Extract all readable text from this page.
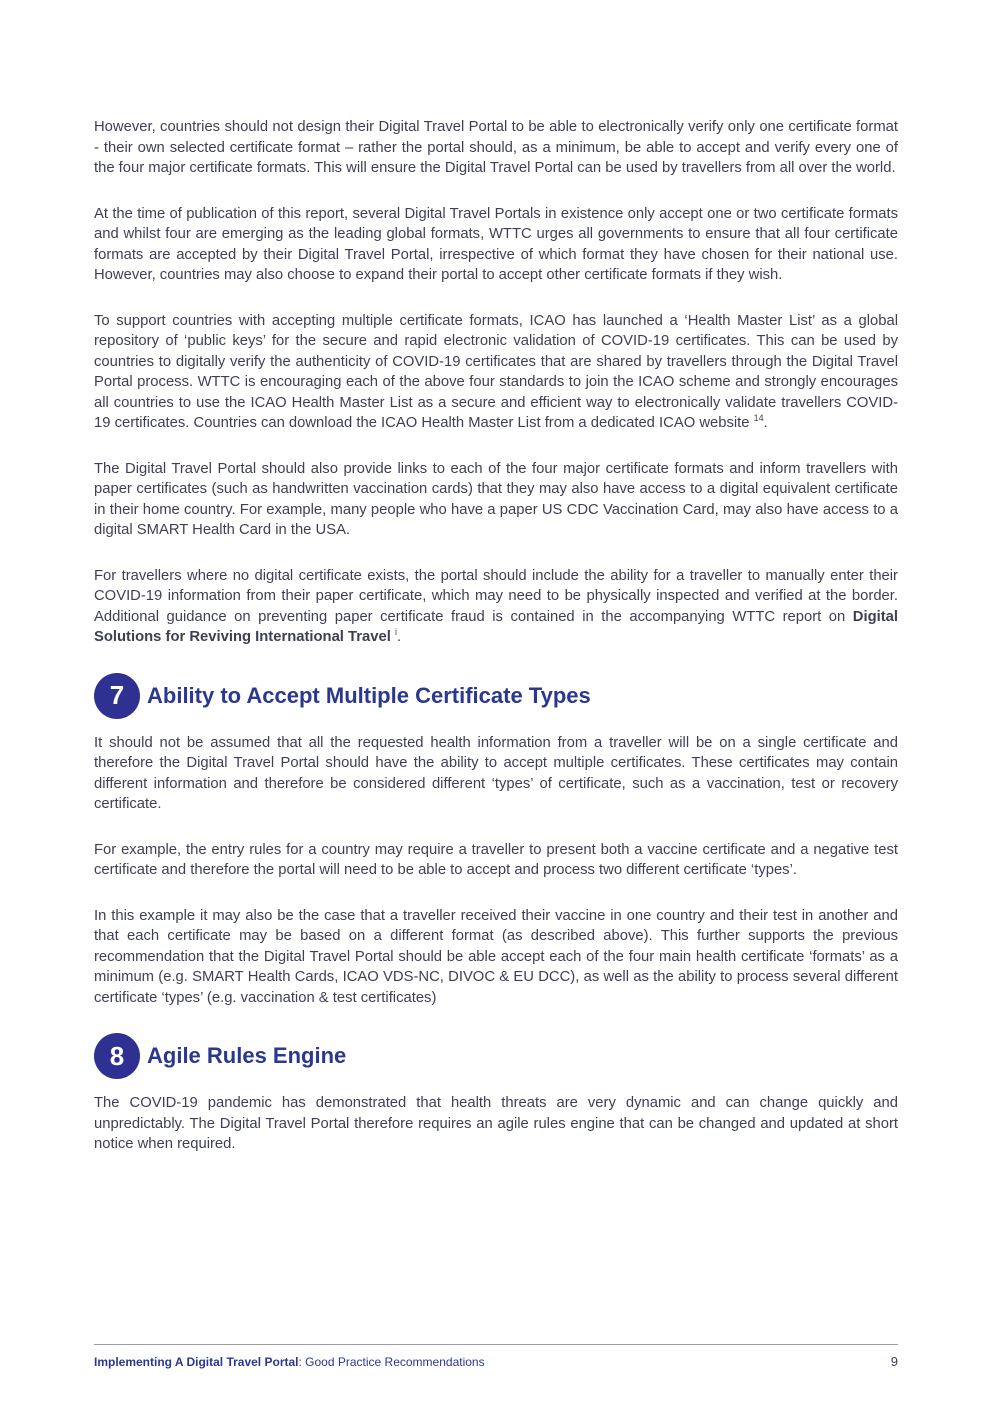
However, countries should not design their Digital Travel Portal to be able to electronically verify only one certificate format - their own selected certificate format – rather the portal should, as a minimum, be able to accept and verify every one of the four major certificate formats. This will ensure the Digital Travel Portal can be used by travellers from all over the world.

At the time of publication of this report, several Digital Travel Portals in existence only accept one or two certificate formats and whilst four are emerging as the leading global formats, WTTC urges all governments to ensure that all four certificate formats are accepted by their Digital Travel Portal, irrespective of which format they have chosen for their national use. However, countries may also choose to expand their portal to accept other certificate formats if they wish.

To support countries with accepting multiple certificate formats, ICAO has launched a ‘Health Master List’ as a global repository of ‘public keys’ for the secure and rapid electronic validation of COVID-19 certificates. This can be used by countries to digitally verify the authenticity of COVID-19 certificates that are shared by travellers through the Digital Travel Portal process. WTTC is encouraging each of the above four standards to join the ICAO scheme and strongly encourages all countries to use the ICAO Health Master List as a secure and efficient way to electronically validate travellers COVID-19 certificates. Countries can download the ICAO Health Master List from a dedicated ICAO website $^{14}$.

The Digital Travel Portal should also provide links to each of the four major certificate formats and inform travellers with paper certificates (such as handwritten vaccination cards) that they may also have access to a digital equivalent certificate in their home country. For example, many people who have a paper US CDC Vaccination Card, may also have access to a digital SMART Health Card in the USA.

For travellers where no digital certificate exists, the portal should include the ability for a traveller to manually enter their COVID-19 information from their paper certificate, which may need to be physically inspected and verified at the border. Additional guidance on preventing paper certificate fraud is contained in the accompanying WTTC report on Digital Solutions for Reviving International Travel $^i$.

7	Ability to Accept Multiple Certificate Types

It should not be assumed that all the requested health information from a traveller will be on a single certificate and therefore the Digital Travel Portal should have the ability to accept multiple certificates. These certificates may contain different information and therefore be considered different ‘types’ of certificate, such as a vaccination, test or recovery certificate.

For example, the entry rules for a country may require a traveller to present both a vaccine certificate and a negative test certificate and therefore the portal will need to be able to accept and process two different certificate ‘types’.

In this example it may also be the case that a traveller received their vaccine in one country and their test in another and that each certificate may be based on a different format (as described above). This further supports the previous recommendation that the Digital Travel Portal should be able accept each of the four main health certificate ‘formats’ as a minimum (e.g. SMART Health Cards, ICAO VDS-NC, DIVOC & EU DCC), as well as the ability to process several different certificate ‘types’ (e.g. vaccination & test certificates)

8	Agile Rules Engine

The COVID-19 pandemic has demonstrated that health threats are very dynamic and can change quickly and unpredictably. The Digital Travel Portal therefore requires an agile rules engine that can be changed and updated at short notice when required.

Implementing A Digital Travel Portal: Good Practice Recommendations	9
